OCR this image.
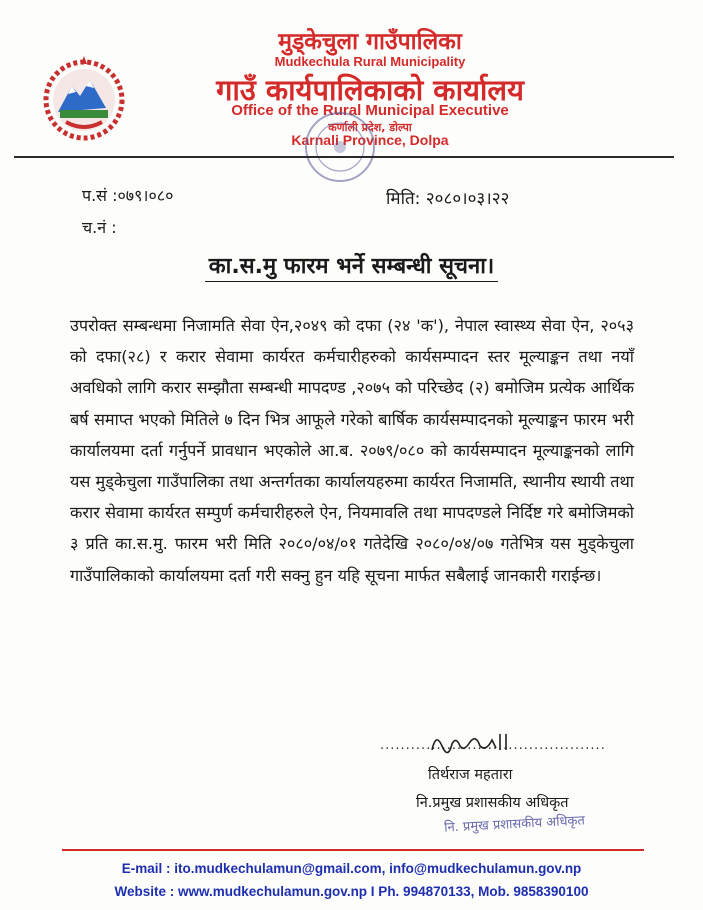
मुड्केचुला गाउँपालिका
Mudkechula Rural Municipality
गाउँ कार्यपालिकाको कार्यालय
Office of the Rural Municipal Executive
कर्णाली प्रदेश, डोल्पा
Karnali Province, Dolpa
प.सं :०७९।०८०
च.नं :
मिति: २०८०।०३।२२
का.स.मु फारम भर्ने सम्बन्धी सूचना।
उपरोक्त सम्बन्धमा निजामति सेवा ऐन,२०४९ को दफा (२४ 'क'), नेपाल स्वास्थ्य सेवा ऐन, २०५३ को दफा(२८) र करार सेवामा कार्यरत कर्मचारीहरुको कार्यसम्पादन स्तर मूल्याङ्कन तथा नयाँ अवधिको लागि करार सम्झौता सम्बन्धी मापदण्ड ,२०७५ को परिच्छेद (२) बमोजिम प्रत्येक आर्थिक बर्ष समाप्त भएको मितिले ७ दिन भित्र आफूले गरेको बार्षिक कार्यसम्पादनको मूल्याङ्कन फारम भरी कार्यालयमा दर्ता गर्नुपर्ने प्रावधान भएकोले आ.ब. २०७९/०८० को कार्यसम्पादन मूल्याङ्कनको लागि यस मुड्केचुला गाउँपालिका तथा अन्तर्गतका कार्यालयहरुमा कार्यरत निजामति, स्थानीय स्थायी तथा करार सेवामा कार्यरत सम्पुर्ण कर्मचारीहरुले ऐन, नियमावलि तथा मापदण्डले निर्दिष्ट गरे बमोजिमको ३ प्रति का.स.मु. फारम भरी मिति २०८०/०४/०१ गतेदेखि २०८०/०४/०७ गतेभित्र यस मुड्केचुला गाउँपालिकाको कार्यालयमा दर्ता गरी सक्नु हुन यहि सूचना मार्फत सबैलाई जानकारी गराईन्छ।
............................................
तिर्थराज महतारा
नि.प्रमुख प्रशासकीय अधिकृत
नि. प्रमुख प्रशासकीय अधिकृत
E-mail : ito.mudkechulamun@gmail.com, info@mudkechulamun.gov.np
Website : www.mudkechulamun.gov.np I Ph. 994870133, Mob. 9858390100
